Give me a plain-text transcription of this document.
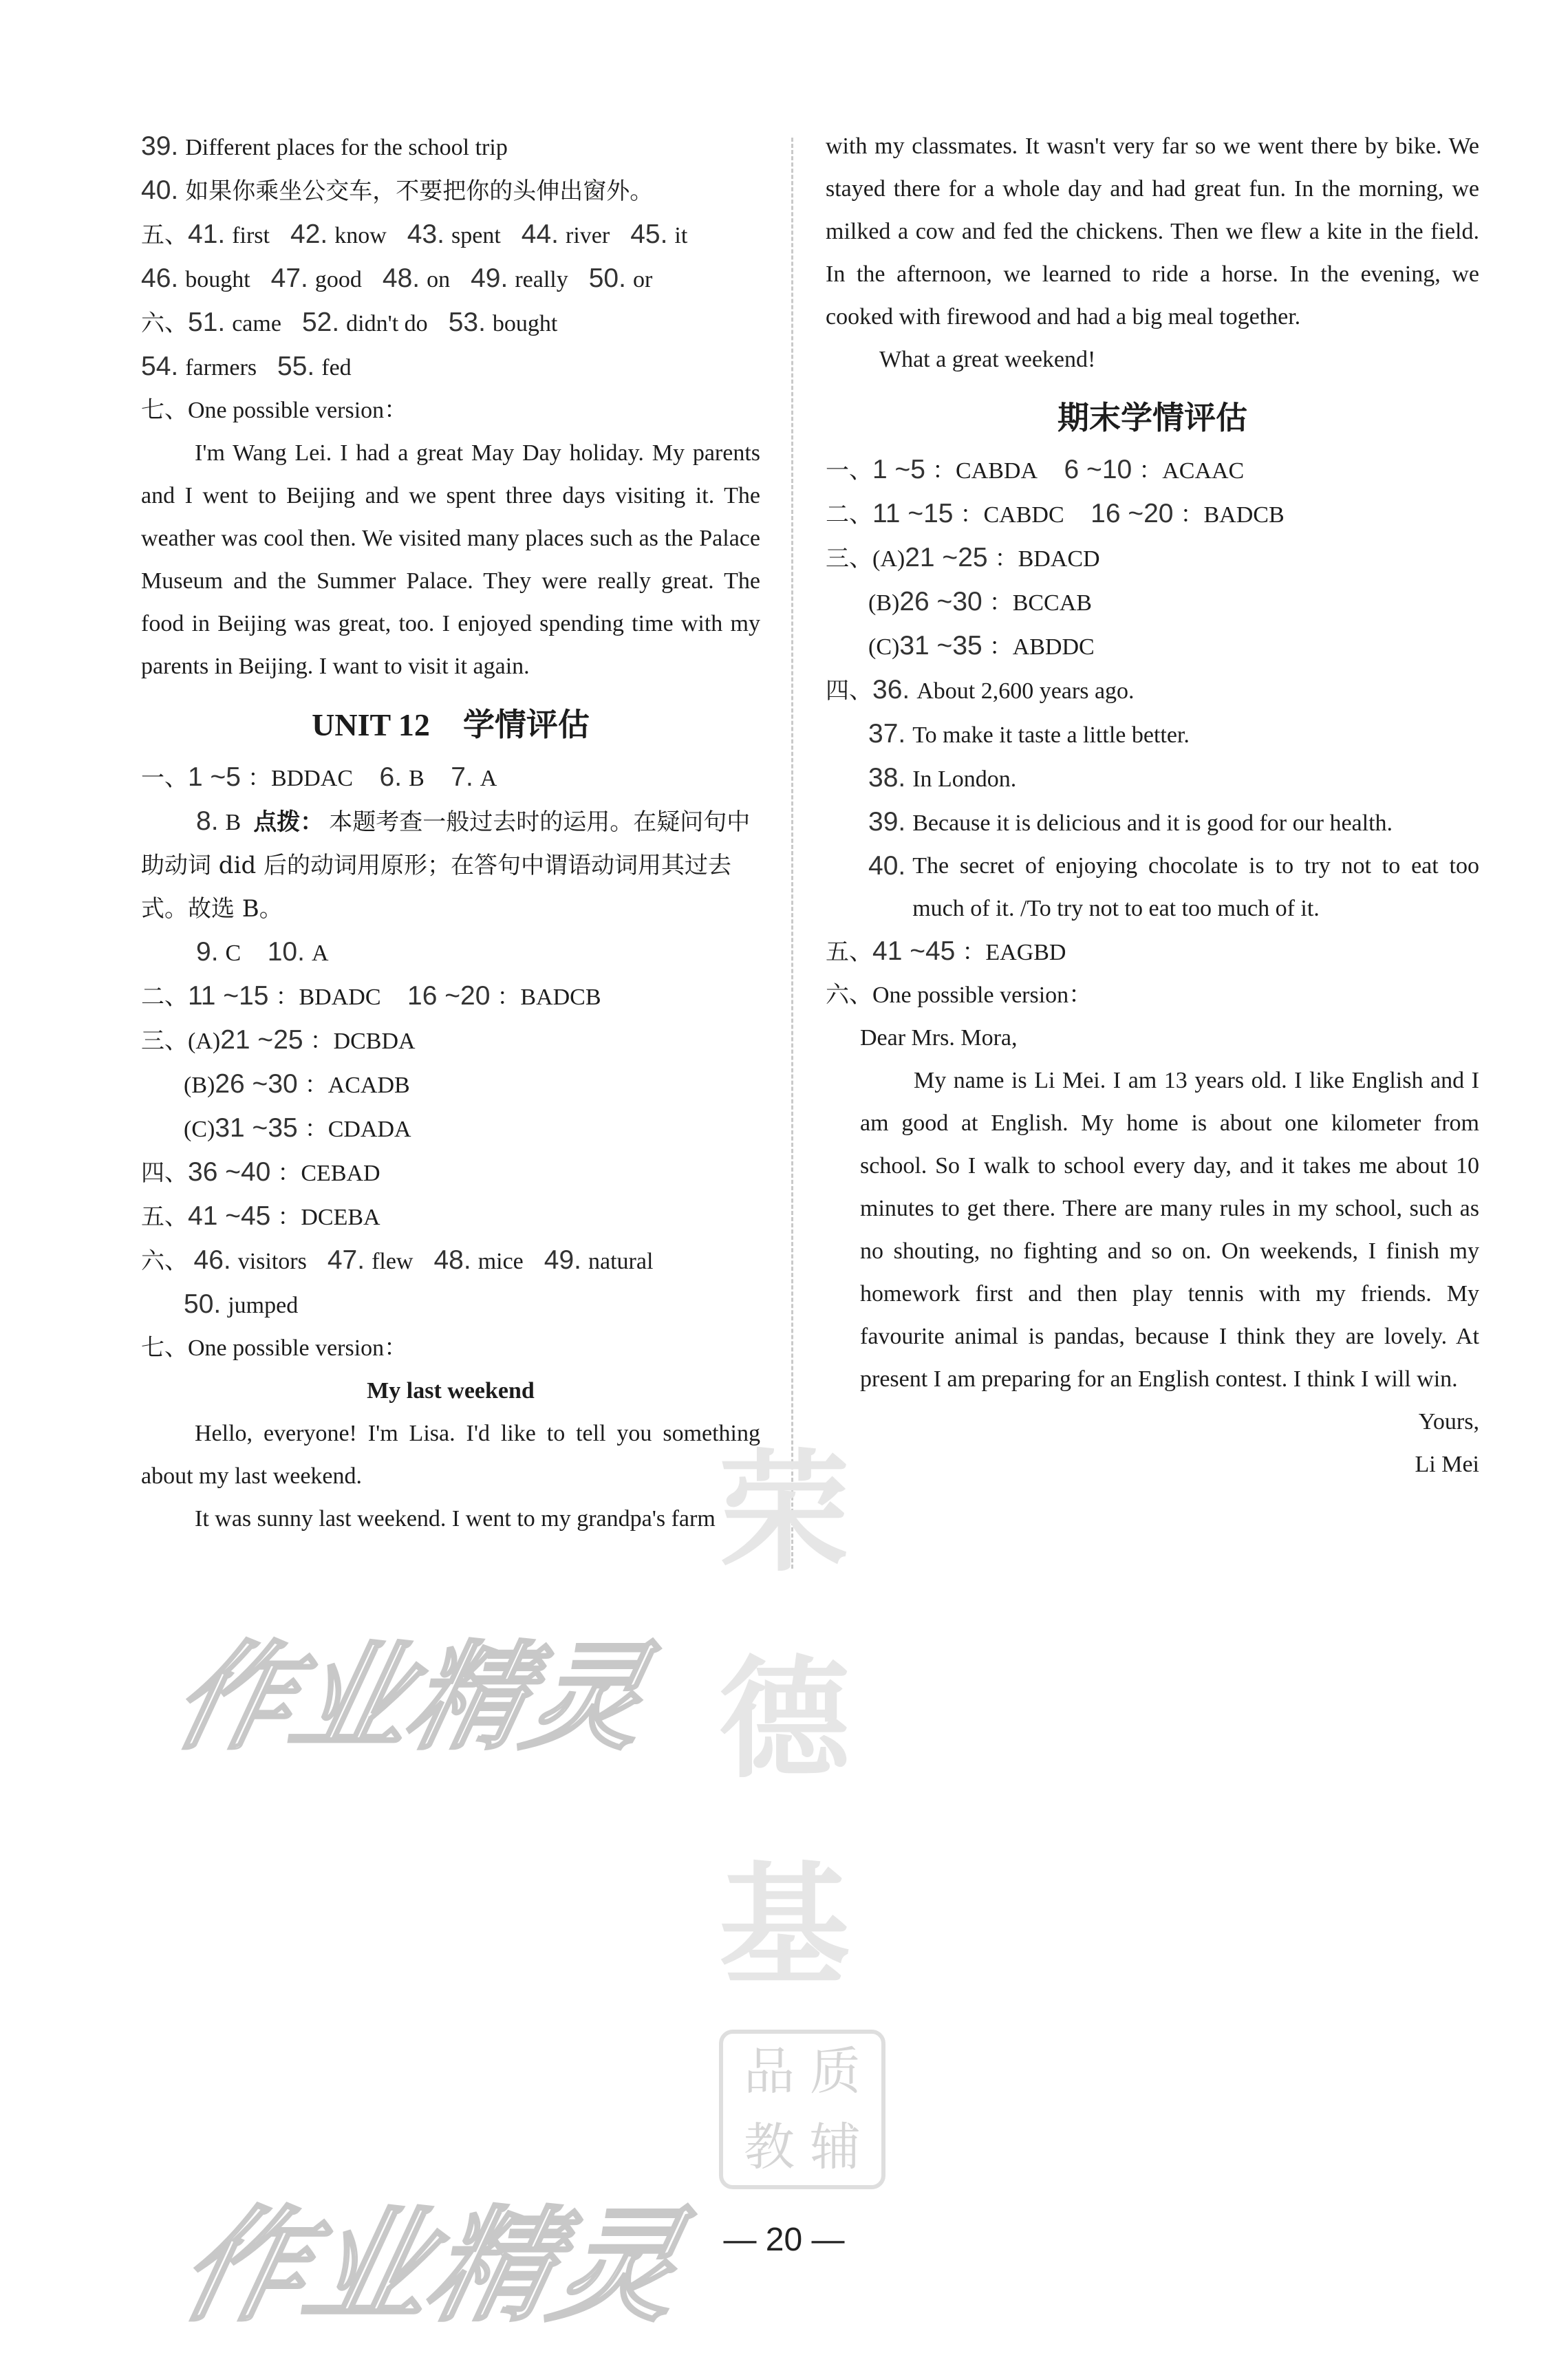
荣德基
作业精灵
作业精灵
品 质
教 辅
39. Different places for the school trip
40. 如果你乘坐公交车，不要把你的头伸出窗外。
五、41. first 42. know 43. spent 44. river 45. it
46. bought 47. good 48. on 49. really 50. or
六、51. came 52. didn't do 53. bought
54. farmers 55. fed
七、One possible version：
I'm Wang Lei. I had a great May Day holiday. My parents and I went to Beijing and we spent three days visiting it. The weather was cool then. We visited many places such as the Palace Museum and the Summer Palace. They were really great. The food in Beijing was great, too. I enjoyed spending time with my parents in Beijing. I want to visit it again.
UNIT 12 学情评估
一、1 ~5 ：BDDAC 6. B 7. A
8. B 点拨： 本题考查一般过去时的运用。在疑问句中助动词 did 后的动词用原形；在答句中谓语动词用其过去式。故选 B。
9. C 10. A
二、11 ~15 ：BDADC 16 ~20 ：BADCB
三、(A)21 ~25 ：DCBDA
(B)26 ~30 ：ACADB
(C)31 ~35 ：CDADA
四、36 ~40 ：CEBAD
五、41 ~45 ：DCEBA
六、 46. visitors 47. flew 48. mice 49. natural
50. jumped
七、One possible version：
My last weekend
Hello, everyone! I'm Lisa. I'd like to tell you something about my last weekend.
It was sunny last weekend. I went to my grandpa's farm
with my classmates. It wasn't very far so we went there by bike. We stayed there for a whole day and had great fun. In the morning, we milked a cow and fed the chickens. Then we flew a kite in the field. In the afternoon, we learned to ride a horse. In the evening, we cooked with firewood and had a big meal together.
What a great weekend!
期末学情评估
一、1 ~5 ：CABDA 6 ~10 ：ACAAC
二、11 ~15 ：CABDC 16 ~20 ：BADCB
三、(A)21 ~25 ：BDACD
(B)26 ~30 ：BCCAB
(C)31 ~35 ：ABDDC
四、36. About 2,600 years ago.
37. To make it taste a little better.
38. In London.
39. Because it is delicious and it is good for our health.
40. The secret of enjoying chocolate is to try not to eat too much of it. /To try not to eat too much of it.
五、41 ~45 ：EAGBD
六、One possible version：
Dear Mrs. Mora,
My name is Li Mei. I am 13 years old. I like English and I am good at English. My home is about one kilometer from school. So I walk to school every day, and it takes me about 10 minutes to get there. There are many rules in my school, such as no shouting, no fighting and so on. On weekends, I finish my homework first and then play tennis with my friends. My favourite animal is pandas, because I think they are lovely. At present I am preparing for an English contest. I think I will win.
Yours,
Li Mei
— 20 —
